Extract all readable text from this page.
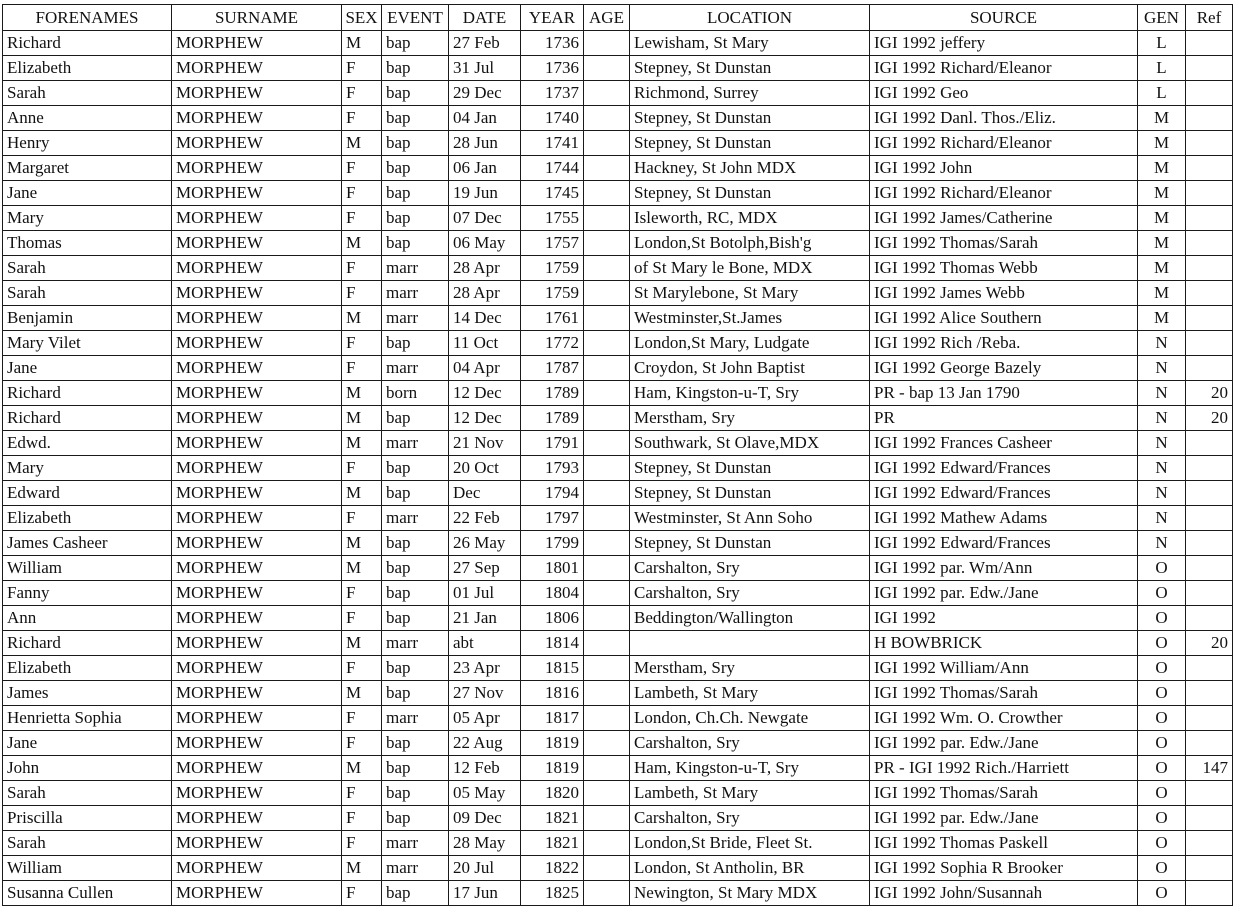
FORENAMES	SURNAME	SEX	EVENT	DATE	YEAR	AGE	LOCATION	SOURCE	GEN	Ref
Richard	MORPHEW	M	bap	27 Feb	1736		Lewisham, St Mary	IGI 1992 jeffery	L	
Elizabeth	MORPHEW	F	bap	31 Jul	1736		Stepney, St Dunstan	IGI 1992 Richard/Eleanor	L	
Sarah	MORPHEW	F	bap	29 Dec	1737		Richmond, Surrey	IGI 1992 Geo	L	
Anne	MORPHEW	F	bap	04 Jan	1740		Stepney, St Dunstan	IGI 1992 Danl. Thos./Eliz.	M	
Henry	MORPHEW	M	bap	28 Jun	1741		Stepney, St Dunstan	IGI 1992 Richard/Eleanor	M	
Margaret	MORPHEW	F	bap	06 Jan	1744		Hackney, St John MDX	IGI 1992 John	M	
Jane	MORPHEW	F	bap	19 Jun	1745		Stepney, St Dunstan	IGI 1992 Richard/Eleanor	M	
Mary	MORPHEW	F	bap	07 Dec	1755		Isleworth, RC, MDX	IGI 1992 James/Catherine	M	
Thomas	MORPHEW	M	bap	06 May	1757		London,St Botolph,Bish'g	IGI 1992 Thomas/Sarah	M	
Sarah	MORPHEW	F	marr	28 Apr	1759		of St Mary le Bone, MDX	IGI 1992 Thomas Webb	M	
Sarah	MORPHEW	F	marr	28 Apr	1759		St Marylebone, St Mary	IGI 1992 James Webb	M	
Benjamin	MORPHEW	M	marr	14 Dec	1761		Westminster,St.James	IGI 1992 Alice Southern	M	
Mary Vilet	MORPHEW	F	bap	11 Oct	1772		London,St Mary, Ludgate	IGI 1992 Rich /Reba.	N	
Jane	MORPHEW	F	marr	04 Apr	1787		Croydon, St John Baptist	IGI 1992 George Bazely	N	
Richard	MORPHEW	M	born	12 Dec	1789		Ham, Kingston-u-T, Sry	PR - bap 13 Jan 1790	N	20
Richard	MORPHEW	M	bap	12 Dec	1789		Merstham, Sry	PR	N	20
Edwd.	MORPHEW	M	marr	21 Nov	1791		Southwark, St Olave,MDX	IGI 1992 Frances Casheer	N	
Mary	MORPHEW	F	bap	20 Oct	1793		Stepney, St Dunstan	IGI 1992 Edward/Frances	N	
Edward	MORPHEW	M	bap	Dec	1794		Stepney, St Dunstan	IGI 1992 Edward/Frances	N	
Elizabeth	MORPHEW	F	marr	22 Feb	1797		Westminster, St Ann Soho	IGI 1992 Mathew Adams	N	
James Casheer	MORPHEW	M	bap	26 May	1799		Stepney, St Dunstan	IGI 1992 Edward/Frances	N	
William	MORPHEW	M	bap	27 Sep	1801		Carshalton, Sry	IGI 1992 par. Wm/Ann	O	
Fanny	MORPHEW	F	bap	01 Jul	1804		Carshalton, Sry	IGI 1992 par. Edw./Jane	O	
Ann	MORPHEW	F	bap	21 Jan	1806		Beddington/Wallington	IGI 1992	O	
Richard	MORPHEW	M	marr	abt	1814			H BOWBRICK	O	20
Elizabeth	MORPHEW	F	bap	23 Apr	1815		Merstham, Sry	IGI 1992 William/Ann	O	
James	MORPHEW	M	bap	27 Nov	1816		Lambeth, St Mary	IGI 1992 Thomas/Sarah	O	
Henrietta Sophia	MORPHEW	F	marr	05 Apr	1817		London, Ch.Ch. Newgate	IGI 1992 Wm. O. Crowther	O	
Jane	MORPHEW	F	bap	22 Aug	1819		Carshalton, Sry	IGI 1992 par. Edw./Jane	O	
John	MORPHEW	M	bap	12 Feb	1819		Ham, Kingston-u-T, Sry	PR - IGI 1992 Rich./Harriett	O	147
Sarah	MORPHEW	F	bap	05 May	1820		Lambeth, St Mary	IGI 1992 Thomas/Sarah	O	
Priscilla	MORPHEW	F	bap	09 Dec	1821		Carshalton, Sry	IGI 1992 par. Edw./Jane	O	
Sarah	MORPHEW	F	marr	28 May	1821		London,St Bride, Fleet St.	IGI 1992 Thomas Paskell	O	
William	MORPHEW	M	marr	20 Jul	1822		London, St Antholin, BR	IGI 1992 Sophia R Brooker	O	
Susanna Cullen	MORPHEW	F	bap	17 Jun	1825		Newington, St Mary MDX	IGI 1992 John/Susannah	O	
